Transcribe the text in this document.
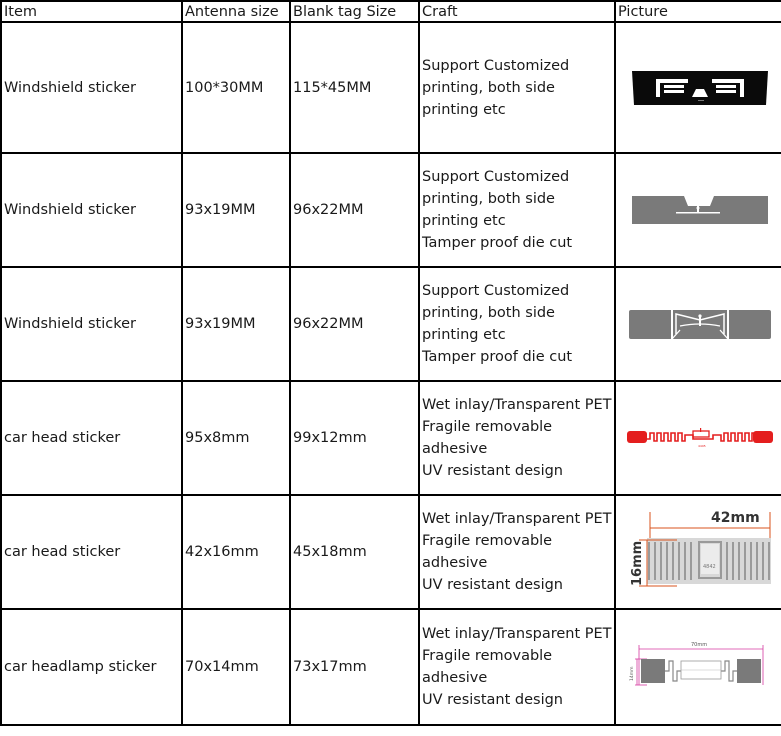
Item	Antenna size	Blank tag Size	Craft	Picture
Windshield sticker	100*30MM	115*45MM	Support Customized
printing, both side
printing etc

Windshield sticker	93x19MM	96x22MM	Support Customized
printing, both side
printing etc
Tamper proof die cut

Windshield sticker	93x19MM	96x22MM	Support Customized
printing, both side
printing etc
Tamper proof die cut

car head sticker	95x8mm	99x12mm	Wet inlay/Transparent PET
Fragile removable
adhesive
UV resistant design	4495

car head sticker	42x16mm	45x18mm	Wet inlay/Transparent PET
Fragile removable
adhesive
UV resistant design	4842
42mm
16mm

car headlamp sticker	70x14mm	73x17mm	Wet inlay/Transparent PET
Fragile removable
adhesive
UV resistant design	70mm
14mm
